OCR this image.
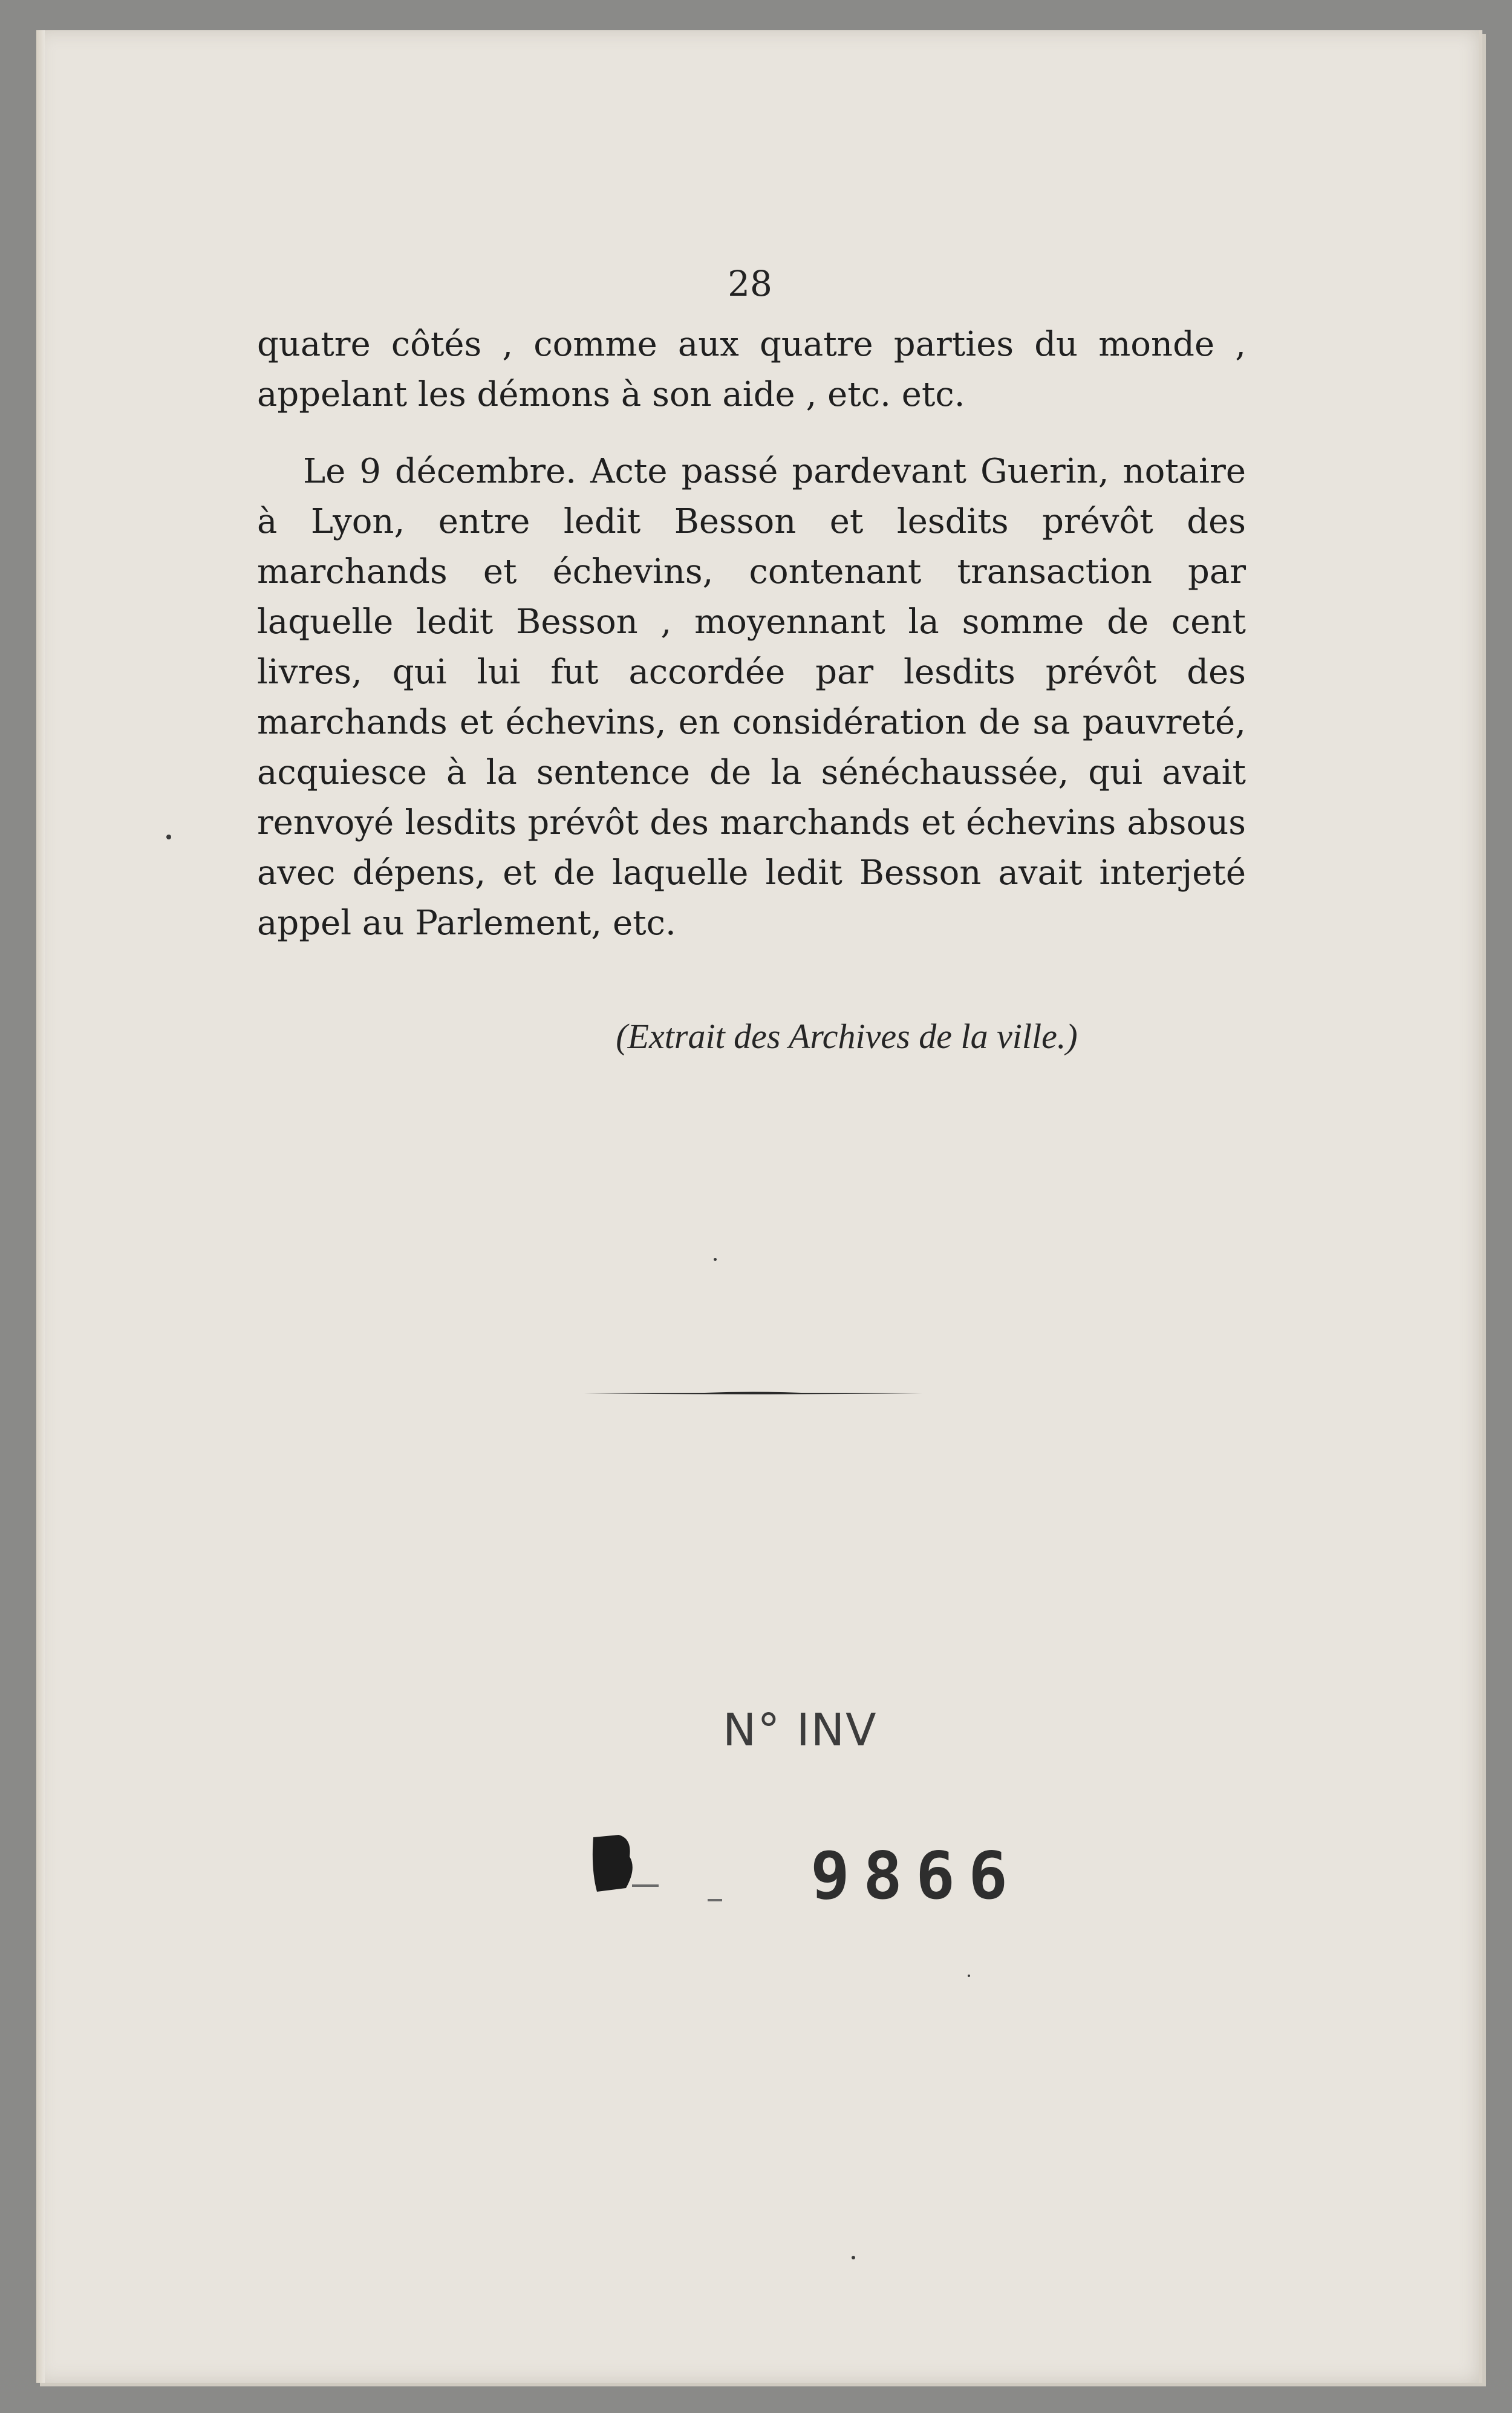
28

quatre côtés , comme aux quatre parties du monde , appelant les démons à son aide , etc. etc.

Le 9 décembre. Acte passé pardevant Guerin, notaire à Lyon, entre ledit Besson et lesdits prévôt des marchands et échevins, contenant transaction par laquelle ledit Besson , moyennant la somme de cent livres, qui lui fut accordée par lesdits prévôt des marchands et échevins, en considération de sa pauvreté, acquiesce à la sentence de la sénéchaussée, qui avait renvoyé lesdits prévôt des marchands et échevins absous avec dépens, et de laquelle ledit Besson avait interjeté appel au Parlement, etc.

(Extrait des Archives de la ville.)
N° INV
9866
